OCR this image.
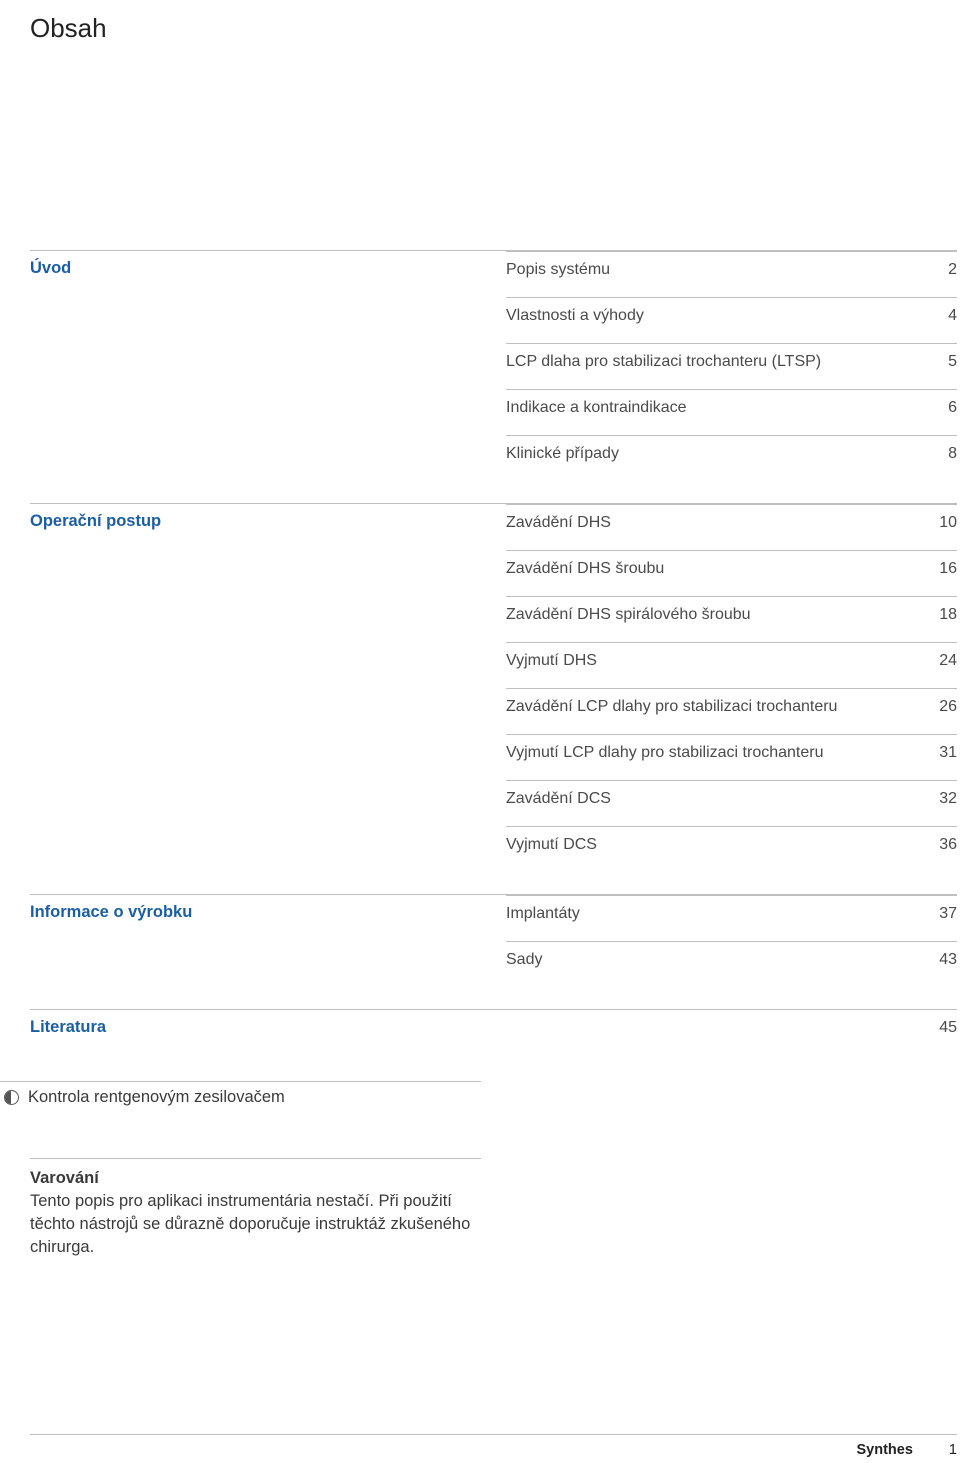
Obsah
Úvod	Popis systému	2
Vlastnosti a výhody	4
LCP dlaha pro stabilizaci trochanteru (LTSP)	5
Indikace a kontraindikace	6
Klinické případy	8
Operační postup	Zavádění DHS	10
Zavádění DHS šroubu	16
Zavádění DHS spirálového šroubu	18
Vyjmutí DHS	24
Zavádění LCP dlahy pro stabilizaci trochanteru	26
Vyjmutí LCP dlahy pro stabilizaci trochanteru	31
Zavádění DCS	32
Vyjmutí DCS	36
Informace o výrobku	Implantáty	37
Sady	43
Literatura	45
Kontrola rentgenovým zesilovačem
Varování
Tento popis pro aplikaci instrumentária nestačí. Při použití těchto nástrojů se důrazně doporučuje instruktáž zkušeného chirurga.
Synthes 1
